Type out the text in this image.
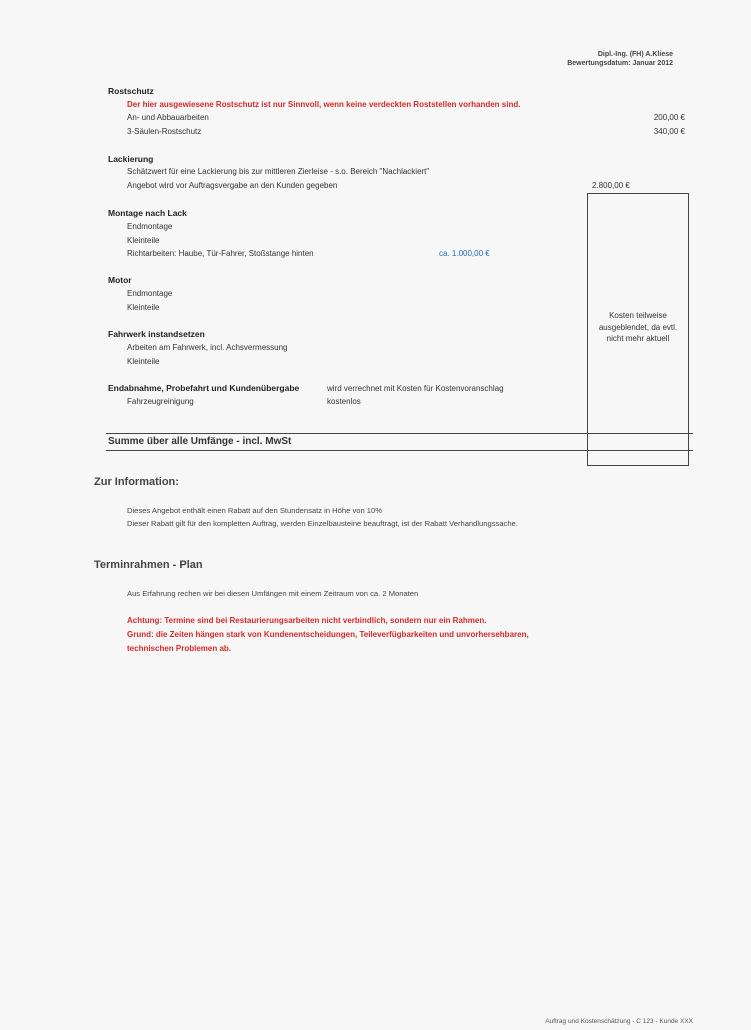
Dipl.-Ing. (FH) A.Kliese
Bewertungsdatum: Januar 2012
Rostschutz
Der hier ausgewiesene Rostschutz ist nur Sinnvoll, wenn keine verdeckten Roststellen vorhanden sind.
An- und Abbauarbeiten	200,00 €
3-Säulen-Rostschutz	340,00 €
Lackierung
Schätzwert für eine Lackierung bis zur mittleren Zierleise - s.o. Bereich "Nachlackiert"
Angebot wird vor Auftragsvergabe an den Kunden gegeben	2.800,00 €
Montage nach Lack
Endmontage
Kleinteile
Richtarbeiten: Haube, Tür-Fahrer, Stoßstange hinten	ca. 1.000,00 €
Motor
Endmontage
Kleinteile
Fahrwerk instandsetzen
Arbeiten am Fahrwerk, incl. Achsvermessung
Kleinteile
Endabnahme, Probefahrt und Kundenübergabe	wird verrechnet mit Kosten für Kostenvoranschlag
Fahrzeugreinigung	kostenlos
Kosten teilweise
ausgeblendet, da evtl.
nicht mehr aktuell
Summe über alle Umfänge - incl. MwSt
Zur Information:
Dieses Angebot enthält einen Rabatt auf den Stundensatz in Höhe von 10%
Dieser Rabatt gilt für den kompletten Auftrag, werden Einzelbausteine beauftragt, ist der Rabatt Verhandlungssache.
Terminrahmen - Plan
Aus Erfahrung rechen wir bei diesen Umfängen mit einem Zeitraum von ca. 2 Monaten
Achtung: Termine sind bei Restaurierungsarbeiten nicht verbindlich, sondern nur ein Rahmen.
Grund: die Zeiten hängen stark von Kundenentscheidungen, Teileverfügbarkeiten und unvorhersehbaren,
technischen Problemen ab.
Auftrag und Kostenschätzung - C 123 - Kunde XXX
